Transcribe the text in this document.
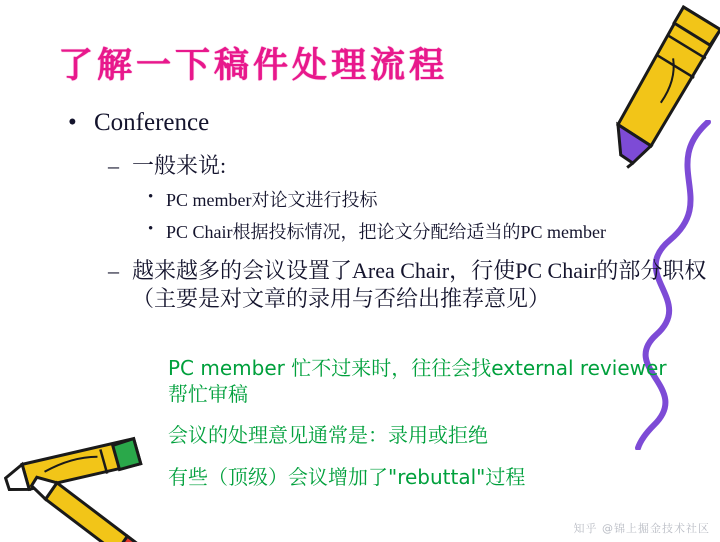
了解一下稿件处理流程
• Conference
– 一般来说:
• PC member对论文进行投标
• PC Chair根据投标情况，把论文分配给适当的PC member
– 越来越多的会议设置了Area Chair，行使PC Chair的部分职权（主要是对文章的录用与否给出推荐意见）
PC member 忙不过来时，往往会找external reviewer帮忙审稿
会议的处理意见通常是：录用或拒绝
有些（顶级）会议增加了"rebuttal"过程
知乎 @锦上掘金技术社区
